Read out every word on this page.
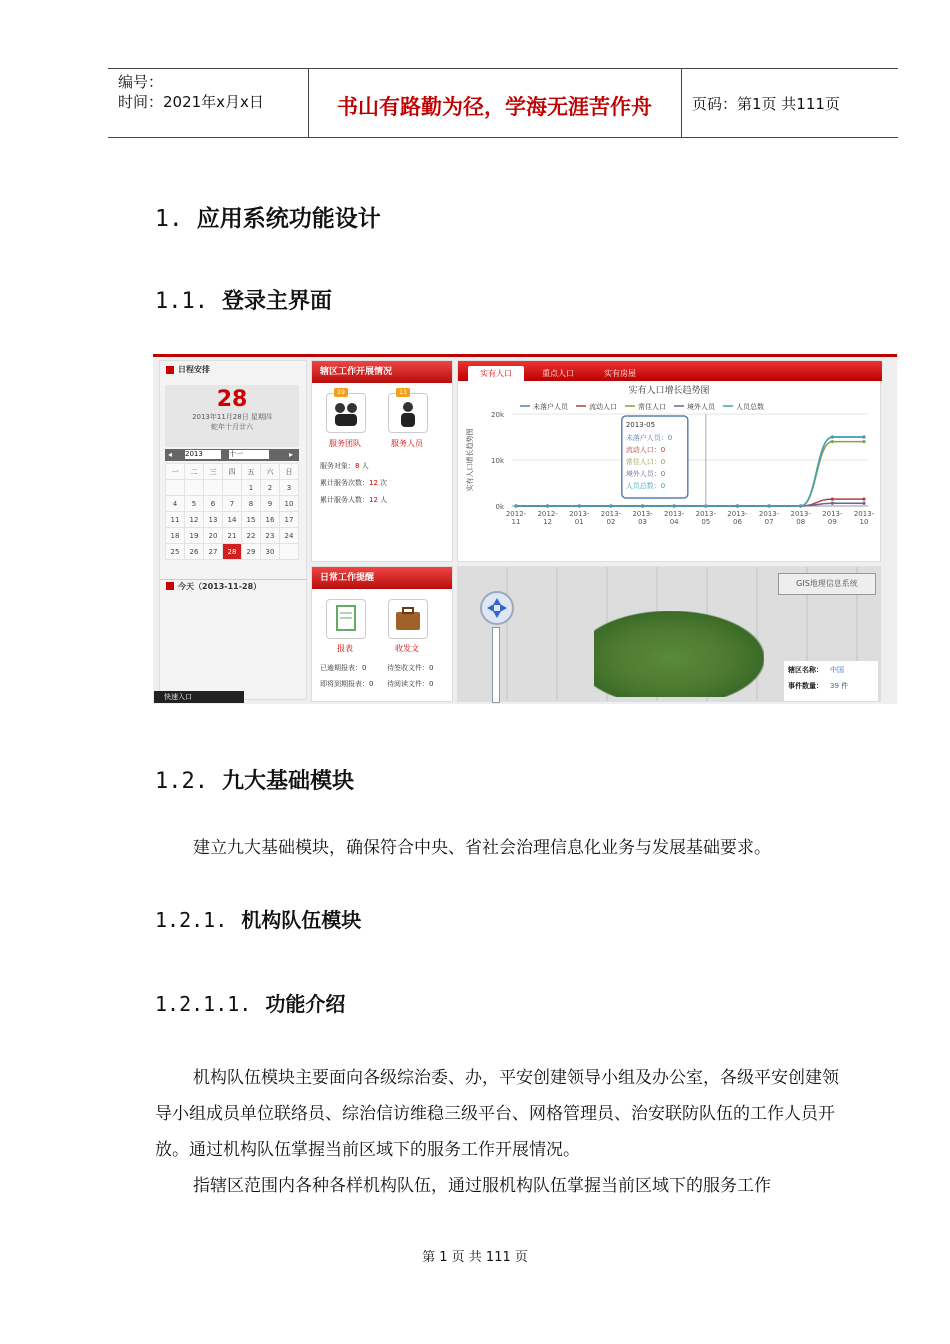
编号：
时间：2021年x月x日	书山有路勤为径，学海无涯苦作舟	页码：第1页 共111页
1. 应用系统功能设计
1.1. 登录主界面
日程安排
28
2013年11月28日 星期四
蛇年十月廿六
◂ 2013	十一	▸
一	二	三	四	五	六	日
				1	2	3
4	5	6	7	8	9	10
11	12	13	14	15	16	17
18	19	20	21	22	23	24
25	26	27	28	29	30	
今天（2013-11-28）
快速入口
辖区工作开展情况
19	13
服务团队	服务人员
服务对象：8 人
累计服务次数：12 次
累计服务人数：12 人
日常工作提醒
报表	收发文
已逾期报表：0	待签收文件：0
即将到期报表：0 待阅读文件：0
实有人口	重点人口	实有房屋
实有人口增长趋势图
实有人口增长趋势图
20k
10k
0k
2012-
11
2012-
12
2013-
01
2013-
02
2013-
03
2013-
04
2013-
05
2013-
06
2013-
07
2013-
08
2013-
09
2013-
10
未落户人员	流动人口	常住人口	境外人员	人员总数
2013-05
未落户人员：0
流动人口：0
常住人口：0
境外人员：0
人员总数：0
GIS地理信息系统
辖区名称： 中国
事件数量： 39 件
1.2. 九大基础模块
建立九大基础模块，确保符合中央、省社会治理信息化业务与发展基础要求。
1.2.1. 机构队伍模块
1.2.1.1. 功能介绍
机构队伍模块主要面向各级综治委、办，平安创建领导小组及办公室，各级平安创建领导小组成员单位联络员、综治信访维稳三级平台、网格管理员、治安联防队伍的工作人员开放。通过机构队伍掌握当前区域下的服务工作开展情况。
指辖区范围内各种各样机构队伍，通过服机构队伍掌握当前区域下的服务工作
第 1 页 共 111 页
